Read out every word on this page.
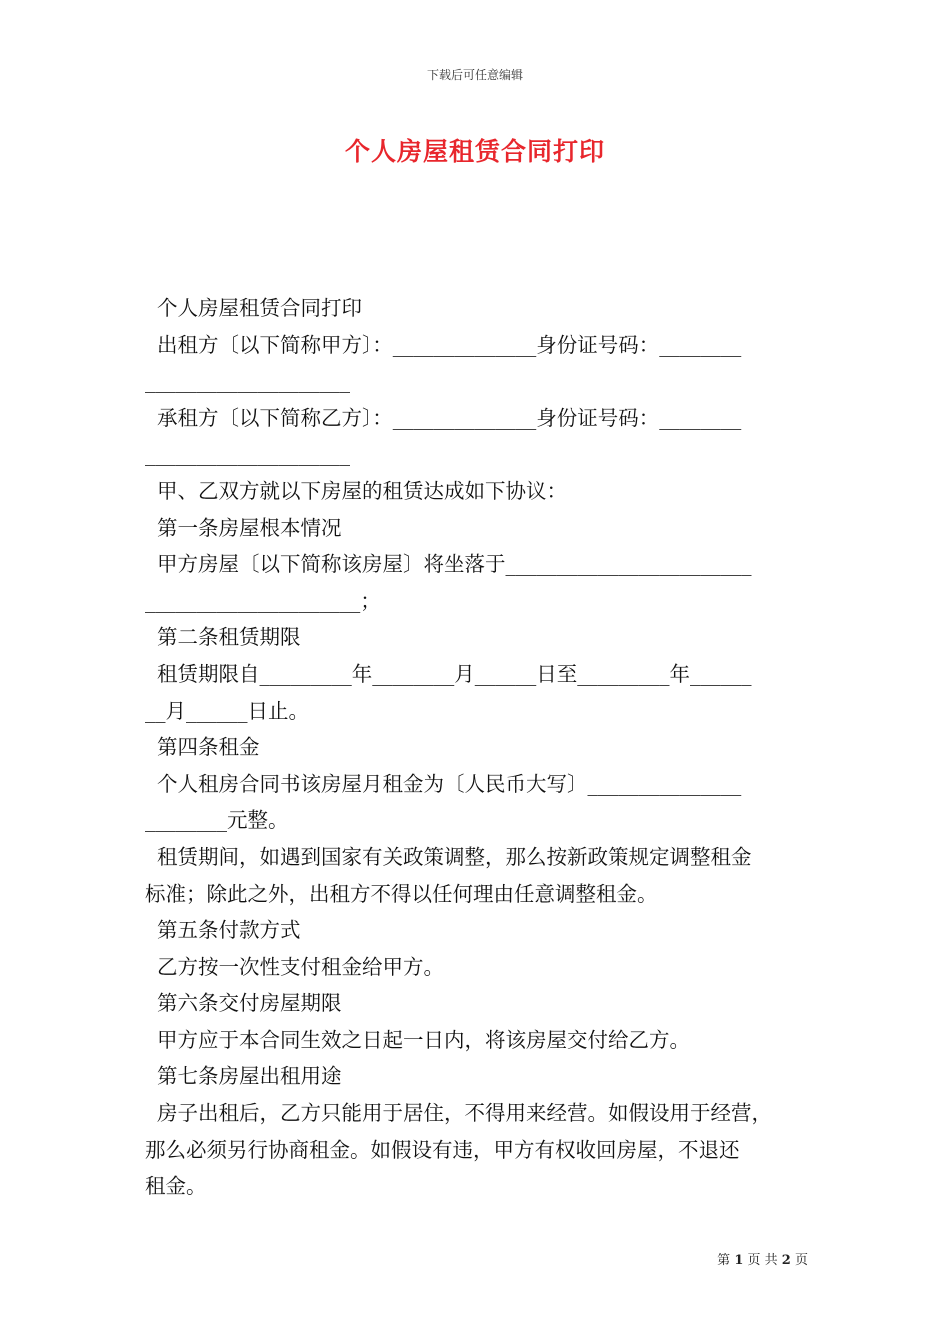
下载后可任意编辑
个人房屋租赁合同打印
个人房屋租赁合同打印
出租方〔以下简称甲方〕：______________身份证号码：________
____________________
承租方〔以下简称乙方〕：______________身份证号码：________
____________________
甲、乙双方就以下房屋的租赁达成如下协议：
第一条房屋根本情况
甲方房屋〔以下简称该房屋〕将坐落于________________________
_____________________；
第二条租赁期限
租赁期限自_________年________月______日至_________年______
__月______日止。
第四条租金
个人租房合同书该房屋月租金为〔人民币大写〕_______________
________元整。
租赁期间，如遇到国家有关政策调整，那么按新政策规定调整租金
标准；除此之外，出租方不得以任何理由任意调整租金。
第五条付款方式
乙方按一次性支付租金给甲方。
第六条交付房屋期限
甲方应于本合同生效之日起一日内，将该房屋交付给乙方。
第七条房屋出租用途
房子出租后，乙方只能用于居住，不得用来经营。如假设用于经营，
那么必须另行协商租金。如假设有违，甲方有权收回房屋，不退还
租金。
第 1 页 共 2 页
